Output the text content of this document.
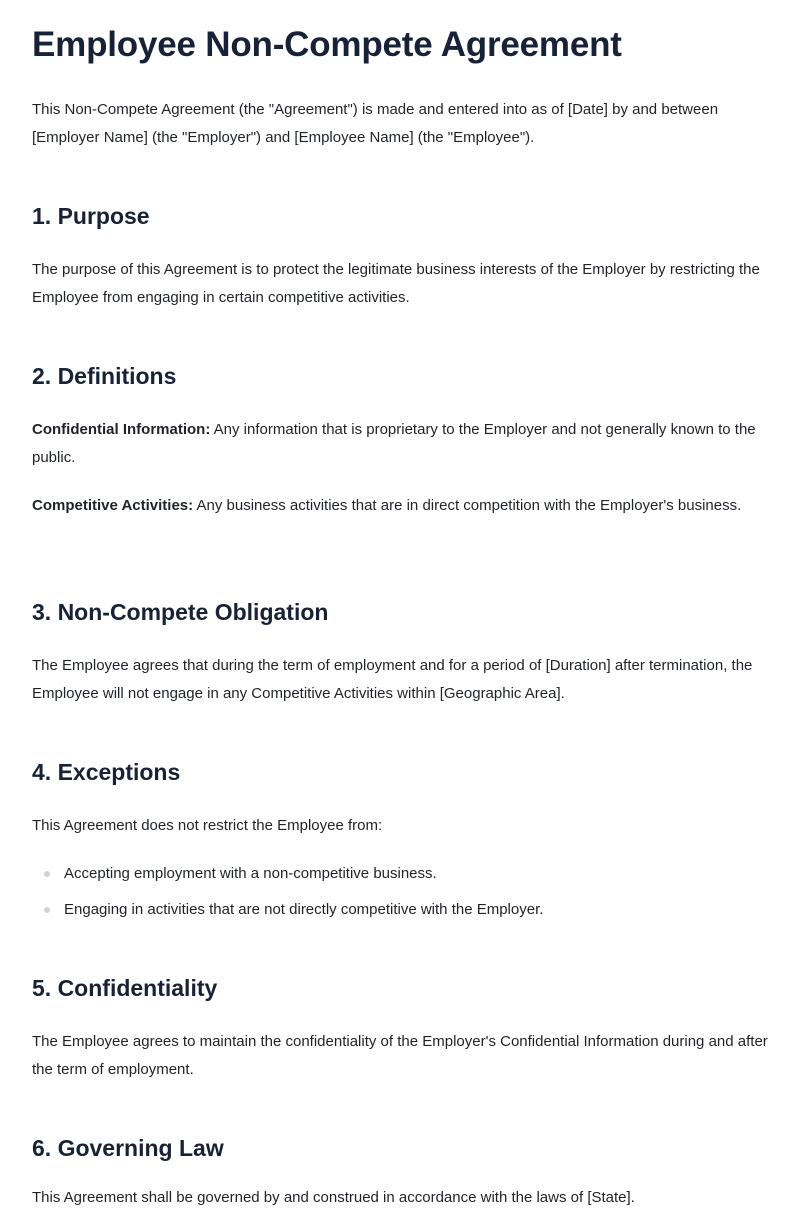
Employee Non-Compete Agreement

This Non-Compete Agreement (the "Agreement") is made and entered into as of [Date] by and between [Employer Name] (the "Employer") and [Employee Name] (the "Employee").

1. Purpose

The purpose of this Agreement is to protect the legitimate business interests of the Employer by restricting the Employee from engaging in certain competitive activities.

2. Definitions

Confidential Information: Any information that is proprietary to the Employer and not generally known to the public.

Competitive Activities: Any business activities that are in direct competition with the Employer's business.

3. Non-Compete Obligation

The Employee agrees that during the term of employment and for a period of [Duration] after termination, the Employee will not engage in any Competitive Activities within [Geographic Area].

4. Exceptions

This Agreement does not restrict the Employee from:

Accepting employment with a non-competitive business.
Engaging in activities that are not directly competitive with the Employer.
5. Confidentiality

The Employee agrees to maintain the confidentiality of the Employer's Confidential Information during and after the term of employment.

6. Governing Law

This Agreement shall be governed by and construed in accordance with the laws of [State].
